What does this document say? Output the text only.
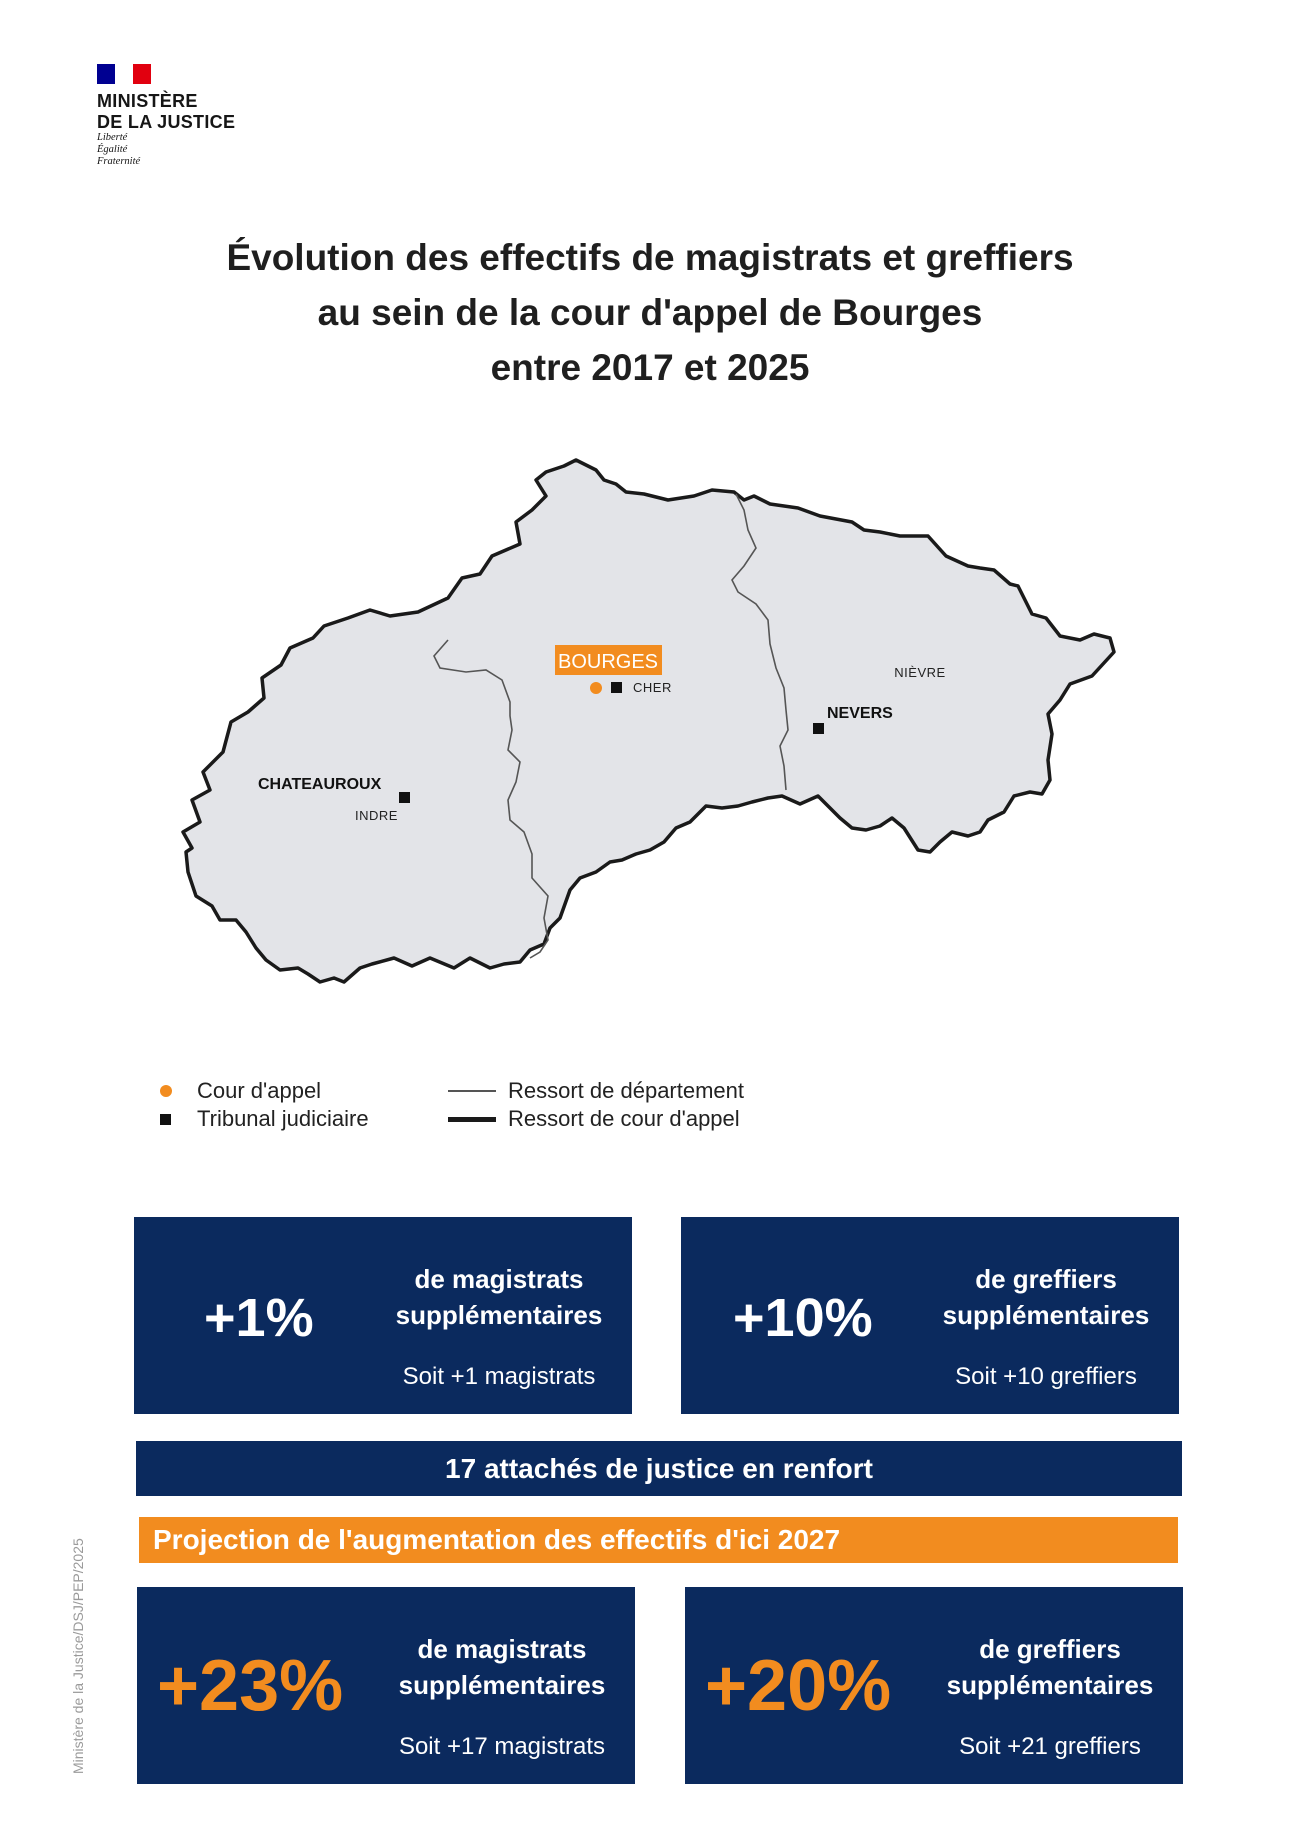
MINISTÈRE
DE LA JUSTICE
Liberté
Égalité
Fraternité
Évolution des effectifs de magistrats et greffiers
au sein de la cour d'appel de Bourges
entre 2017 et 2025
BOURGES
CHER
NIÈVRE
NEVERS
CHATEAUROUX
INDRE
Cour d'appel
Tribunal judiciaire
Ressort de département
Ressort de cour d'appel
+1%
de magistrats
supplémentaires
Soit +1 magistrats
+10%
de greffiers
supplémentaires
Soit +10 greffiers
17 attachés de justice en renfort
Projection de l'augmentation des effectifs d'ici 2027
+23%	de magistrats
supplémentaires
Soit +17 magistrats
+20%	de greffiers
supplémentaires
Soit +21 greffiers
Ministère de la Justice/DSJ/PEP/2025
